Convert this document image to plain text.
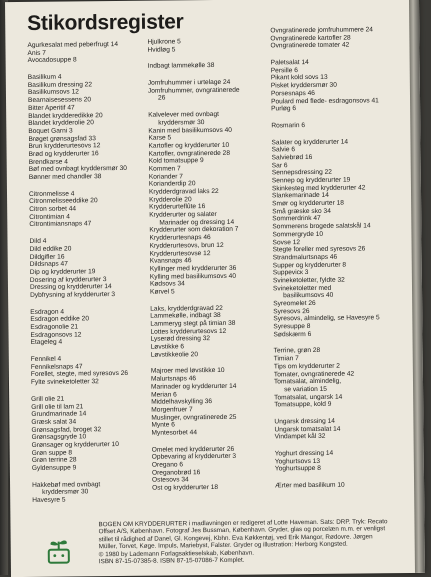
Stikordsregister
Agurkesalat med peberfrugt 14
Anis 7
Avocadosuppe 8
Basilikum 4
Basilikum dressing 22
Basilikumsovs 12
Bearnaisesessens 20
Bitter Aperitif 47
Blandet krydderedikke 20
Blandet krydderolie 20
Boquet Garni 3
Brøget grønsagsfad 33
Brun krydderurtesovs 12
Brød og krydderurter 16
Brendkarse 4
Bøf med ovnbagt kryddersmør 30
Bønner med chandler 38
Citronmelisse 4
Citronmelisseeddike 20
Citron sorbet 44
Citrontimian 4
Citrontimiansnaps 47
Dild 4
Dild eddike 20
Dildgifler 16
Dildsnaps 47
Dip og krydderurter 19
Dosering af krydderurter 3
Dressing og krydderurter 14
Dybfrysning af krydderurter 3
Esdragon 4
Esdragon eddike 20
Esdragonolie 21
Esdragonsovs 12
Etageleg 4
Fennikel 4
Fennikelsnaps 47
Forellet, stegte, med syresovs 26
Fylte svineketoletter 32
Grill olie 21
Grill olie til lam 21
Grundmarinade 14
Græsk salat 34
Grønsagsfad, broget 32
Grønsagsgryde 10
Grønsager og krydderurter 10
Grøn suppe 8
Grøn terrine 28
Gyldensuppe 9
Hakkebøf med ovnbagt
kryddersmør 30
Havesyre 5
Hjulkrone 5
Hvidløg 5
Indbagt lammekølle 38
Jomfruhummer i urtelage 24
Jomfruhummer, ovngratinerede
26
Kalvelever med ovnbagt
kryddersmør 30
Kanin med basilikumsovs 40
Karse 5
Kartofler og krydderurter 10
Kartofler, ovngratinerede 28
Kold tomatsuppe 9
Kommen 7
Koriander 7
Korianderdip 20
Krydderdgravad laks 22
Krydderolie 20
Krydderurteflûte 16
Krydderurter og salater
Marinader og dressing 14
Krydderurter som dekoration 7
Krydderurtesnaps 46
Krydderurtesovs, brun 12
Krydderurtesovse 12
Kvansnaps 46
Kyllinger med krydderurter 36
Kylling med basilikumsovs 40
Kødsovs 34
Kørvel 5
Laks, krydderdgravad 22
Lammekølle, indbagt 38
Lammeryg stegt på timian 38
Lottes krydderurtesovs 12
Lyserød dressing 32
Løvstikke 6
Løvstikkeolie 20
Majroer med løvstikke 10
Malurtsnaps 46
Marinader og krydderurter 14
Merian 6
Middelhavskylling 36
Morgenfruer 7
Muslinger, ovngratinerede 25
Mynte 6
Myntesorbet 44
Omelet med krydderurter 26
Opbevaring af krydderurter 3
Oregano 6
Oreganobrød 16
Ostesovs 34
Ost og krydderurter 18
Ovngratinerede jomfruhummere 24
Ovngratinerede kartofler 28
Ovngratinerede tomater 42
Paletsalat 14
Persille 6
Pikant kold sovs 13
Pisket kryddersmør 30
Porsesnaps 46
Poulard med flede- esdragonsovs 41
Purløg 6
Rosmarin 6
Salater og krydderurter 14
Salvie 6
Salviebrød 16
Sar 6
Sennepsdressing 22
Sennep og krydderurter 19
Skinkesteg med krydderurter 42
Slankemarinade 14
Smør og krydderurter 18
Små græske sko 34
Sommerdrink 47
Sommerens brogede salatskål 14
Sommergryde 10
Sovse 12
Stegte foreller med syresovs 26
Strandmalurtsnaps 46
Supper og krydderurter 8
Suppeviск 3
Svineketoletter, fyldte 32
Svineketoletter med
basilikumsovs 40
Syreomelet 26
Syresovs 26
Syresovs, almindelig, se Havesyre 5
Syresuppe 8
Sødskærm 6
Terrine, grøn 28
Timian 7
Tips om krydderurter 2
Tomater, ovngratinerede 42
Tomatsalat, almindelig,
se variation 15
Tomatsalat, ungarsk 14
Tomatsuppe, kold 9
Ungarsk dressing 14
Ungarsk tomatsalat 14
Vindampet kål 32
Yoghurt dressing 14
Yoghurtsovs 13
Yoghurtsuppe 8
Ærter med basilikum 10
BOGEN OM KRYDDERURTER i madlavningen er redigeret af Lotte Haveman. Sats: DRP. Tryk: Recato
Offset A/S, København. Fotograf Jes Bussman, København. Gryder, glas og porcelæn m.m. er venligst
stillet til rådighed af Danel, Gl. Kongevej, Kbhn. Eva Køkkentøj, ved Erik Mangor, Rødovre. Jørgen
Müller, Torvet, Køge. Impuls, Mariebyst, Falster. Gryder og illustration: Herborg Kongsted.
© 1980 by Lademann Forlagsaktieselskab, København.
ISBN 87-15-07385-8. ISBN 87-15-07086-7 Komplet.
